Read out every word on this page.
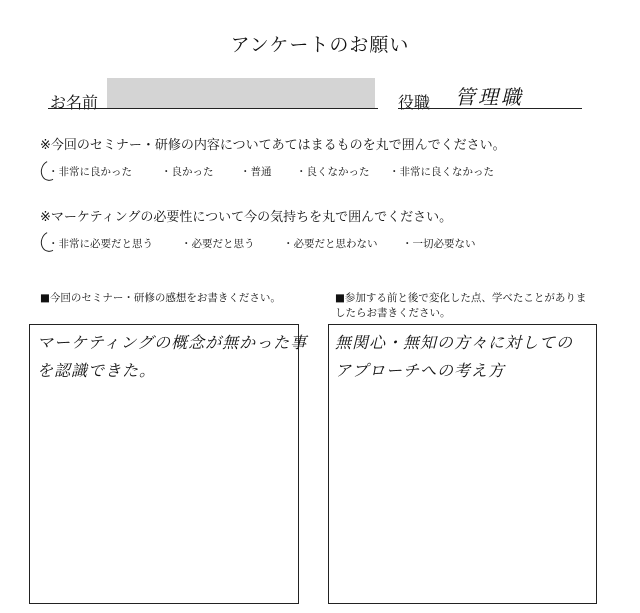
アンケートのお願い
お名前	役職 管理職
※今回のセミナー・研修の内容についてあてはまるものを丸で囲んでください。
・非常に良かった	・良かった	・普通 ・良くなかった ・非常に良くなかった
※マーケティングの必要性について今の気持ちを丸で囲んでください。
・非常に必要だと思う	・必要だと思う	・必要だと思わない ・一切必要ない
■今回のセミナー・研修の感想をお書きください。	■参加する前と後で変化した点、学べたことがありましたらお書きください。
マーケティングの概念が無かった事
を認識できた。
無関心・無知の方々に対しての
アプローチへの考え方
